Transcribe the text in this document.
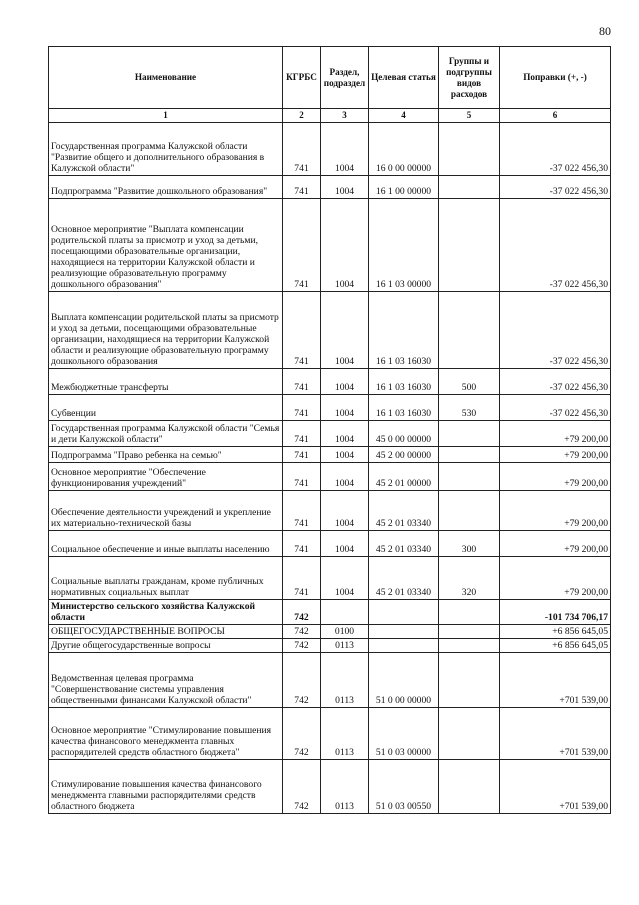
80
Наименование	КГРБС	Раздел, подраздел	Целевая статья	Группы и подгруппы видов расходов	Поправки (+, -)
1	2	3	4	5	6
Государственная программа Калужской области "Развитие общего и дополнительного образования в Калужской области"	741	1004	16 0 00 00000		-37 022 456,30
Подпрограмма "Развитие дошкольного образования"	741	1004	16 1 00 00000		-37 022 456,30
Основное мероприятие "Выплата компенсации родительской платы за присмотр и уход за детьми, посещающими образовательные организации, находящиеся на территории Калужской области и реализующие образовательную программу дошкольного образования"	741	1004	16 1 03 00000		-37 022 456,30
Выплата компенсации родительской платы за присмотр и уход за детьми, посещающими образовательные организации, находящиеся на территории Калужской области и реализующие образовательную программу дошкольного образования	741	1004	16 1 03 16030		-37 022 456,30
Межбюджетные трансферты	741	1004	16 1 03 16030	500	-37 022 456,30
Субвенции	741	1004	16 1 03 16030	530	-37 022 456,30
Государственная программа Калужской области "Семья и дети Калужской области"	741	1004	45 0 00 00000		+79 200,00
Подпрограмма "Право ребенка на семью"	741	1004	45 2 00 00000		+79 200,00
Основное мероприятие "Обеспечение функционирования учреждений"	741	1004	45 2 01 00000		+79 200,00
Обеспечение деятельности учреждений и укрепление их материально-технической базы	741	1004	45 2 01 03340		+79 200,00
Социальное обеспечение и иные выплаты населению	741	1004	45 2 01 03340	300	+79 200,00
Социальные выплаты гражданам, кроме публичных нормативных социальных выплат	741	1004	45 2 01 03340	320	+79 200,00
Министерство сельского хозяйства Калужской области	742				-101 734 706,17
ОБЩЕГОСУДАРСТВЕННЫЕ ВОПРОСЫ	742	0100			+6 856 645,05
Другие общегосударственные вопросы	742	0113			+6 856 645,05
Ведомственная целевая программа "Совершенствование системы управления общественными финансами Калужской области"	742	0113	51 0 00 00000		+701 539,00
Основное мероприятие "Стимулирование повышения качества финансового менеджмента главных распорядителей средств областного бюджета"	742	0113	51 0 03 00000		+701 539,00
Стимулирование повышения качества финансового менеджмента главными распорядителями средств областного бюджета	742	0113	51 0 03 00550		+701 539,00
